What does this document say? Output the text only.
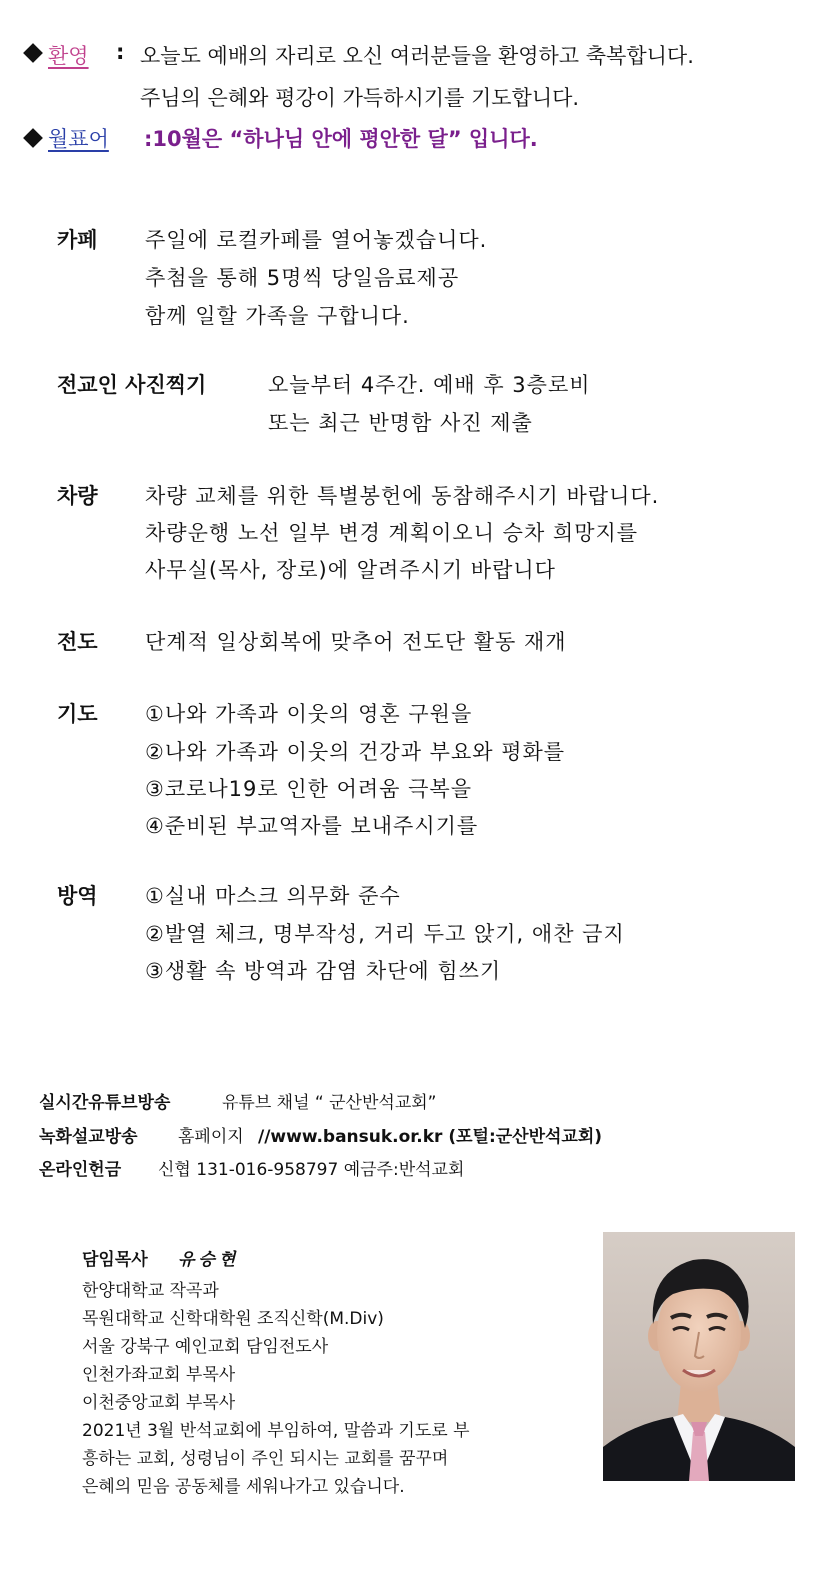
환영 : 오늘도 예배의 자리로 오신 여러분들을 환영하고 축복합니다.
주님의 은혜와 평강이 가득하시기를 기도합니다.
월표어 :10월은 “하나님 안에 평안한 달” 입니다.
카페 주일에 로컬카페를 열어놓겠습니다.
추첨을 통해 5명씩 당일음료제공
함께 일할 가족을 구합니다.
전교인 사진찍기	오늘부터 4주간. 예배 후 3층로비
또는 최근 반명함 사진 제출
차량 차량 교체를 위한 특별봉헌에 동참해주시기 바랍니다.
차량운행 노선 일부 변경 계획이오니 승차 희망지를
사무실(목사, 장로)에 알려주시기 바랍니다
전도 단계적 일상회복에 맞추어 전도단 활동 재개
기도 ①나와 가족과 이웃의 영혼 구원을
②나와 가족과 이웃의 건강과 부요와 평화를
③코로나19로 인한 어려움 극복을
④준비된 부교역자를 보내주시기를
방역 ①실내 마스크 의무화 준수
②발열 체크, 명부작성, 거리 두고 앉기, 애찬 금지
③생활 속 방역과 감염 차단에 힘쓰기
실시간유튜브방송	유튜브 채널 “ 군산반석교회”
녹화설교방송 홈페이지 //www.bansuk.or.kr (포털:군산반석교회)
온라인헌금 신협 131-016-958797 예금주:반석교회
담임목사 유승현
한양대학교 작곡과
목원대학교 신학대학원 조직신학(M.Div)
서울 강북구 예인교회 담임전도사
인천가좌교회 부목사
이천중앙교회 부목사
2021년 3월 반석교회에 부임하여, 말씀과 기도로 부
흥하는 교회, 성령님이 주인 되시는 교회를 꿈꾸며
은혜의 믿음 공동체를 세워나가고 있습니다.
